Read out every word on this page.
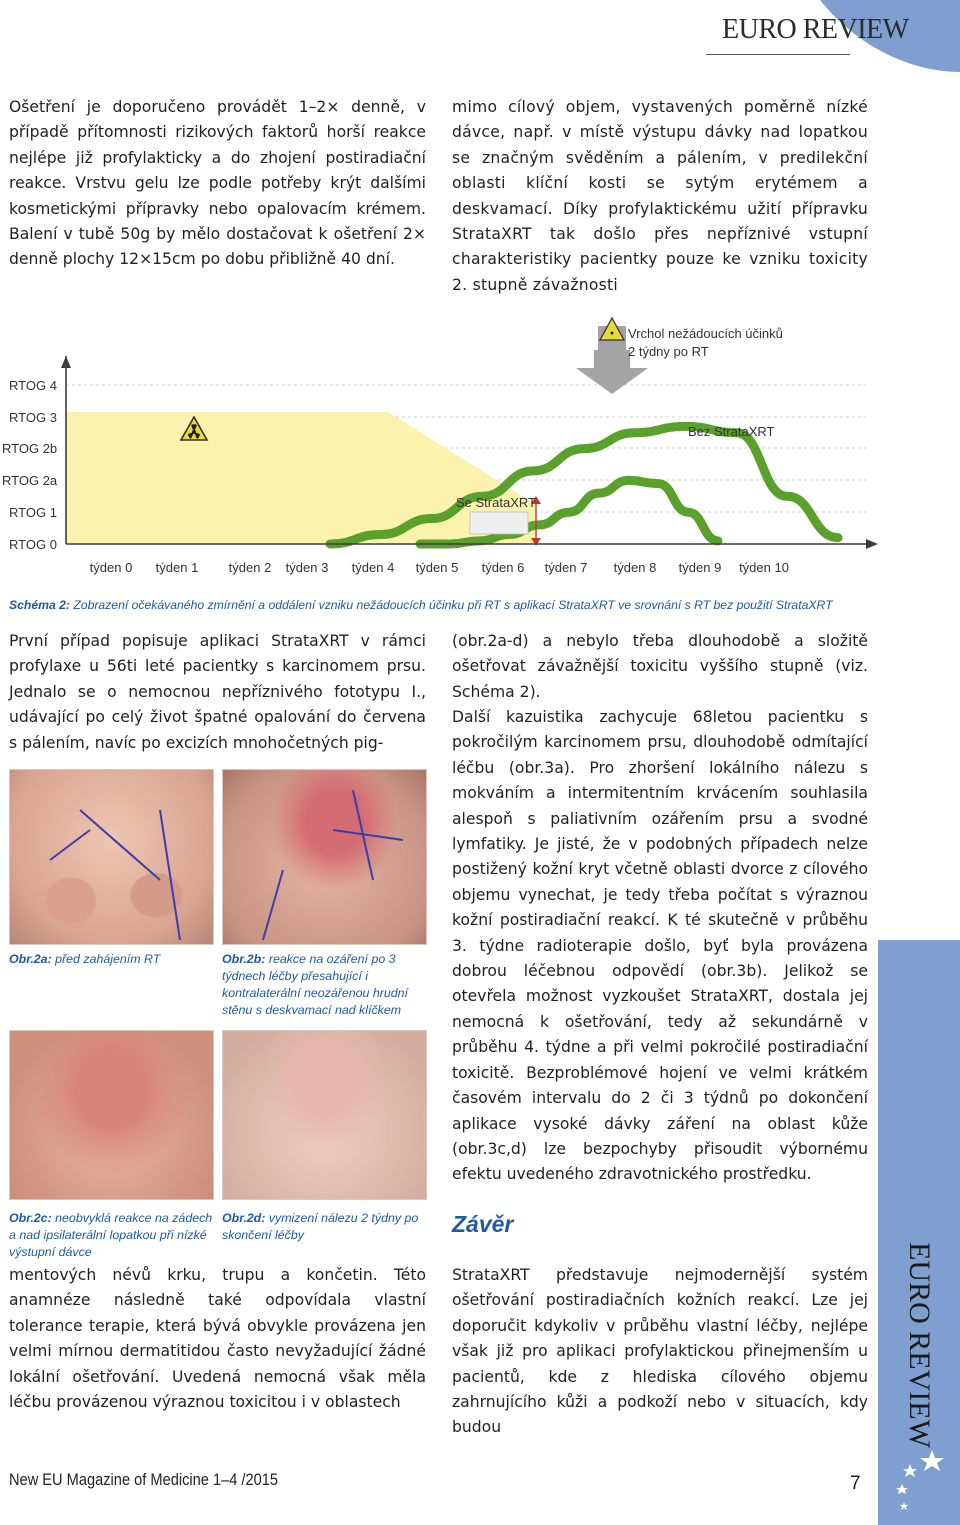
EURO REVIEW
Ošetření je doporučeno provádět 1–2× denně, v případě přítomnosti rizikových faktorů horší reakce nejlépe již profylakticky a do zhojení postiradiační reakce. Vrstvu gelu lze podle potřeby krýt dalšími kosmetickými přípravky nebo opalovacím krémem. Balení v tubě 50g by mělo dostačovat k ošetření 2× denně plochy 12×15cm po dobu přibližně 40 dní.
mimo cílový objem, vystavených poměrně nízké dávce, např. v místě výstupu dávky nad lopatkou se značným svěděním a pálením, v predilekční oblasti klíční kosti se sytým erytémem a deskvamací. Díky profylaktickému užití přípravku StrataXRT tak došlo přes nepříznivé vstupní charakteristiky pacientky pouze ke vzniku toxicity 2. stupně závažnosti
RTOG 0
RTOG 1
RTOG 2a
RTOG 2b
RTOG 3
RTOG 4
týden 0 týden 1 týden 2 týden 3 týden 4 týden 5 týden 6 týden 7 týden 8 týden 9 týden 10
Bez StrataXRT
Se StrataXRT
Vrchol nežádoucích účinků
2 týdny po RT
Schéma 2: Zobrazení očekávaného zmírnění a oddálení vzniku nežádoucích účinku při RT s aplikací StrataXRT ve srovnání s RT bez použití StrataXRT
První případ popisuje aplikaci StrataXRT v rámci profylaxe u 56ti leté pacientky s karcinomem prsu. Jednalo se o nemocnou nepříznivého fototypu I., udávající po celý život špatné opalování do červena s pálením, navíc po excizích mnohočetných pig-
Obr.2a: před zahájením RT	Obr.2b: reakce na ozáření po 3 týdnech léčby přesahující i kontralaterální neozářenou hrudní stěnu s deskvamací nad klíčkem
Obr.2c: neobvyklá reakce na zádech a nad ipsilaterální lopatkou při nízké výstupní dávce
Obr.2d: vymizení nálezu 2 týdny po skončení léčby
mentových névů krku, trupu a končetin. Této anamnéze následně také odpovídala vlastní tolerance terapie, která bývá obvykle provázena jen velmi mírnou dermatitidou často nevyžadující žádné lokální ošetřování. Uvedená nemocná však měla léčbu provázenou výraznou toxicitou i v oblastech
(obr.2a-d) a nebylo třeba dlouhodobě a složitě ošetřovat závažnější toxicitu vyššího stupně (viz. Schéma 2).
Další kazuistika zachycuje 68letou pacientku s pokročilým karcinomem prsu, dlouhodobě odmítající léčbu (obr.3a). Pro zhoršení lokálního nálezu s mokváním a intermitentním krvácením souhlasila alespoň s paliativním ozářením prsu a svodné lymfatiky. Je jisté, že v podobných případech nelze postižený kožní kryt včetně oblasti dvorce z cílového objemu vynechat, je tedy třeba počítat s výraznou kožní postiradiační reakcí. K té skutečně v průběhu 3. týdne radioterapie došlo, byť byla provázena dobrou léčebnou odpovědí (obr.3b). Jelikož se otevřela možnost vyzkoušet StrataXRT, dostala jej nemocná k ošetřování, tedy až sekundárně v průběhu 4. týdne a při velmi pokročilé postiradiační toxicitě. Bezproblémové hojení ve velmi krátkém časovém intervalu do 2 či 3 týdnů po dokončení aplikace vysoké dávky záření na oblast kůže (obr.3c,d) lze bezpochyby přisoudit výbornému efektu uvedeného zdravotnického prostředku.
Závěr
StrataXRT představuje nejmodernější systém ošetřování postiradiačních kožních reakcí. Lze jej doporučit kdykoliv v průběhu vlastní léčby, nejlépe však již pro aplikaci profylaktickou přinejmenším u pacientů, kde z hlediska cílového objemu zahrnujícího kůži a podkoží nebo v situacích, kdy budou	EURO REVIEW
New EU Magazine of Medicine 1–4 /2015	7
